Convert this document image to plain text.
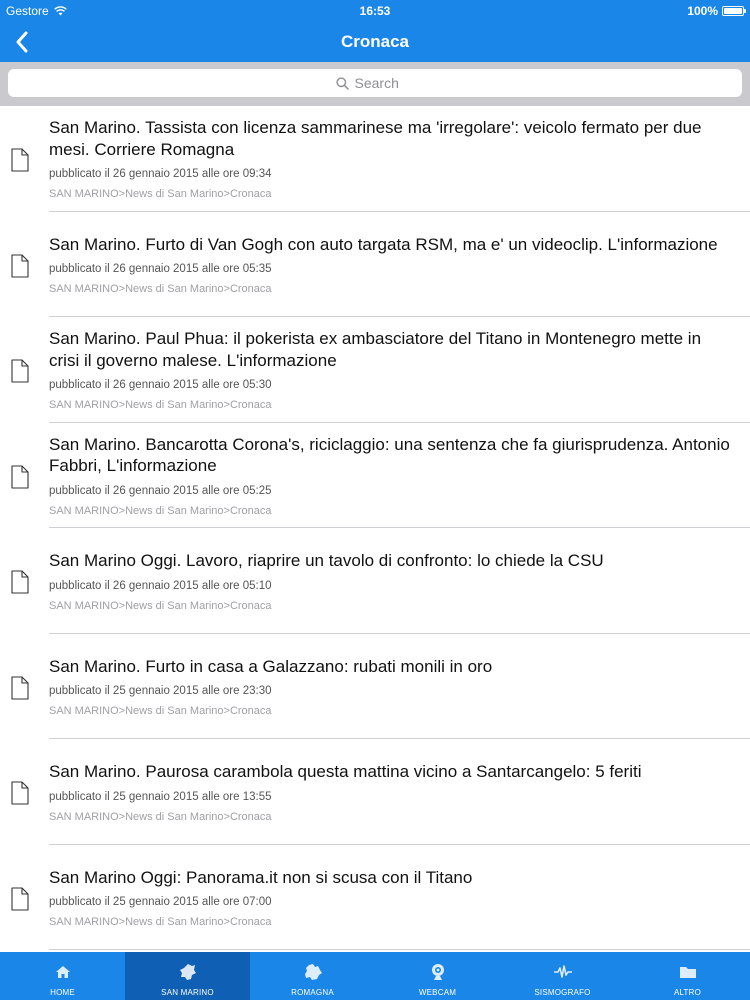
Gestore	16:53	100%
Cronaca
Search
San Marino. Tassista con licenza sammarinese ma 'irregolare': veicolo fermato per due mesi. Corriere Romagna
pubblicato il 26 gennaio 2015 alle ore 09:34
SAN MARINO>News di San Marino>Cronaca
San Marino. Furto di Van Gogh con auto targata RSM, ma e' un videoclip. L'informazione
pubblicato il 26 gennaio 2015 alle ore 05:35
SAN MARINO>News di San Marino>Cronaca
San Marino. Paul Phua: il pokerista ex ambasciatore del Titano in Montenegro mette in crisi il governo malese. L'informazione
pubblicato il 26 gennaio 2015 alle ore 05:30
SAN MARINO>News di San Marino>Cronaca
San Marino. Bancarotta Corona's, riciclaggio: una sentenza che fa giurisprudenza. Antonio Fabbri, L'informazione
pubblicato il 26 gennaio 2015 alle ore 05:25
SAN MARINO>News di San Marino>Cronaca
San Marino Oggi. Lavoro, riaprire un tavolo di confronto: lo chiede la CSU
pubblicato il 26 gennaio 2015 alle ore 05:10
SAN MARINO>News di San Marino>Cronaca
San Marino. Furto in casa a Galazzano: rubati monili in oro
pubblicato il 25 gennaio 2015 alle ore 23:30
SAN MARINO>News di San Marino>Cronaca
San Marino. Paurosa carambola questa mattina vicino a Santarcangelo: 5 feriti
pubblicato il 25 gennaio 2015 alle ore 13:55
SAN MARINO>News di San Marino>Cronaca
San Marino Oggi: Panorama.it non si scusa con il Titano
pubblicato il 25 gennaio 2015 alle ore 07:00
SAN MARINO>News di San Marino>Cronaca
HOME	SAN MARINO	ROMAGNA	WEBCAM	SISMOGRAFO	ALTRO
